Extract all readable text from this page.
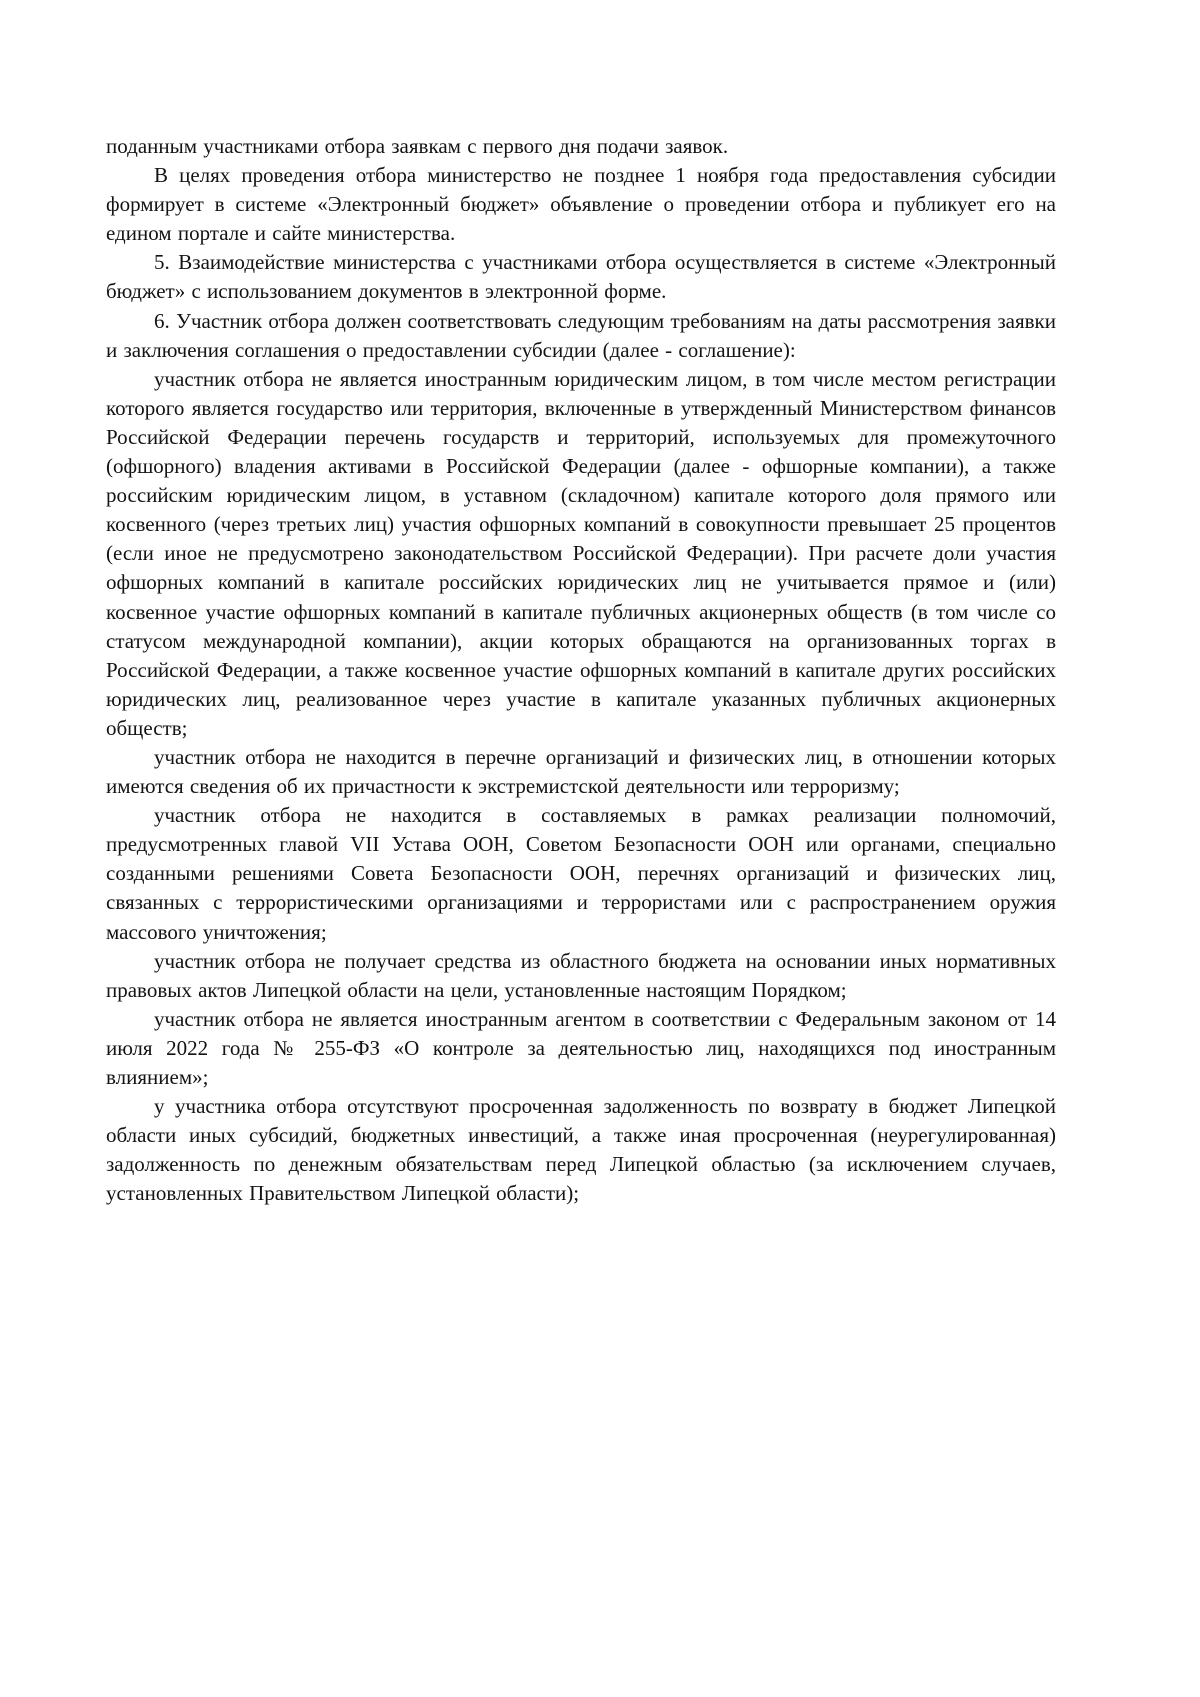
поданным участниками отбора заявкам с первого дня подачи заявок.

В целях проведения отбора министерство не позднее 1 ноября года предоставления субсидии формирует в системе «Электронный бюджет» объявление о проведении отбора и публикует его на едином портале и сайте министерства.

5. Взаимодействие министерства с участниками отбора осуществляется в системе «Электронный бюджет» с использованием документов в электронной форме.

6. Участник отбора должен соответствовать следующим требованиям на даты рассмотрения заявки и заключения соглашения о предоставлении субсидии (далее - соглашение):

участник отбора не является иностранным юридическим лицом, в том числе местом регистрации которого является государство или территория, включенные в утвержденный Министерством финансов Российской Федерации перечень государств и территорий, используемых для промежуточного (офшорного) владения активами в Российской Федерации (далее - офшорные компании), а также российским юридическим лицом, в уставном (складочном) капитале которого доля прямого или косвенного (через третьих лиц) участия офшорных компаний в совокупности превышает 25 процентов (если иное не предусмотрено законодательством Российской Федерации). При расчете доли участия офшорных компаний в капитале российских юридических лиц не учитывается прямое и (или) косвенное участие офшорных компаний в капитале публичных акционерных обществ (в том числе со статусом международной компании), акции которых обращаются на организованных торгах в Российской Федерации, а также косвенное участие офшорных компаний в капитале других российских юридических лиц, реализованное через участие в капитале указанных публичных акционерных обществ;

участник отбора не находится в перечне организаций и физических лиц, в отношении которых имеются сведения об их причастности к экстремистской деятельности или терроризму;

участник отбора не находится в составляемых в рамках реализации полномочий, предусмотренных главой VII Устава ООН, Советом Безопасности ООН или органами, специально созданными решениями Совета Безопасности ООН, перечнях организаций и физических лиц, связанных с террористическими организациями и террористами или с распространением оружия массового уничтожения;

участник отбора не получает средства из областного бюджета на основании иных нормативных правовых актов Липецкой области на цели, установленные настоящим Порядком;

участник отбора не является иностранным агентом в соответствии с Федеральным законом от 14 июля 2022 года № 255-ФЗ «О контроле за деятельностью лиц, находящихся под иностранным влиянием»;

у участника отбора отсутствуют просроченная задолженность по возврату в бюджет Липецкой области иных субсидий, бюджетных инвестиций, а также иная просроченная (неурегулированная) задолженность по денежным обязательствам перед Липецкой областью (за исключением случаев, установленных Правительством Липецкой области);
